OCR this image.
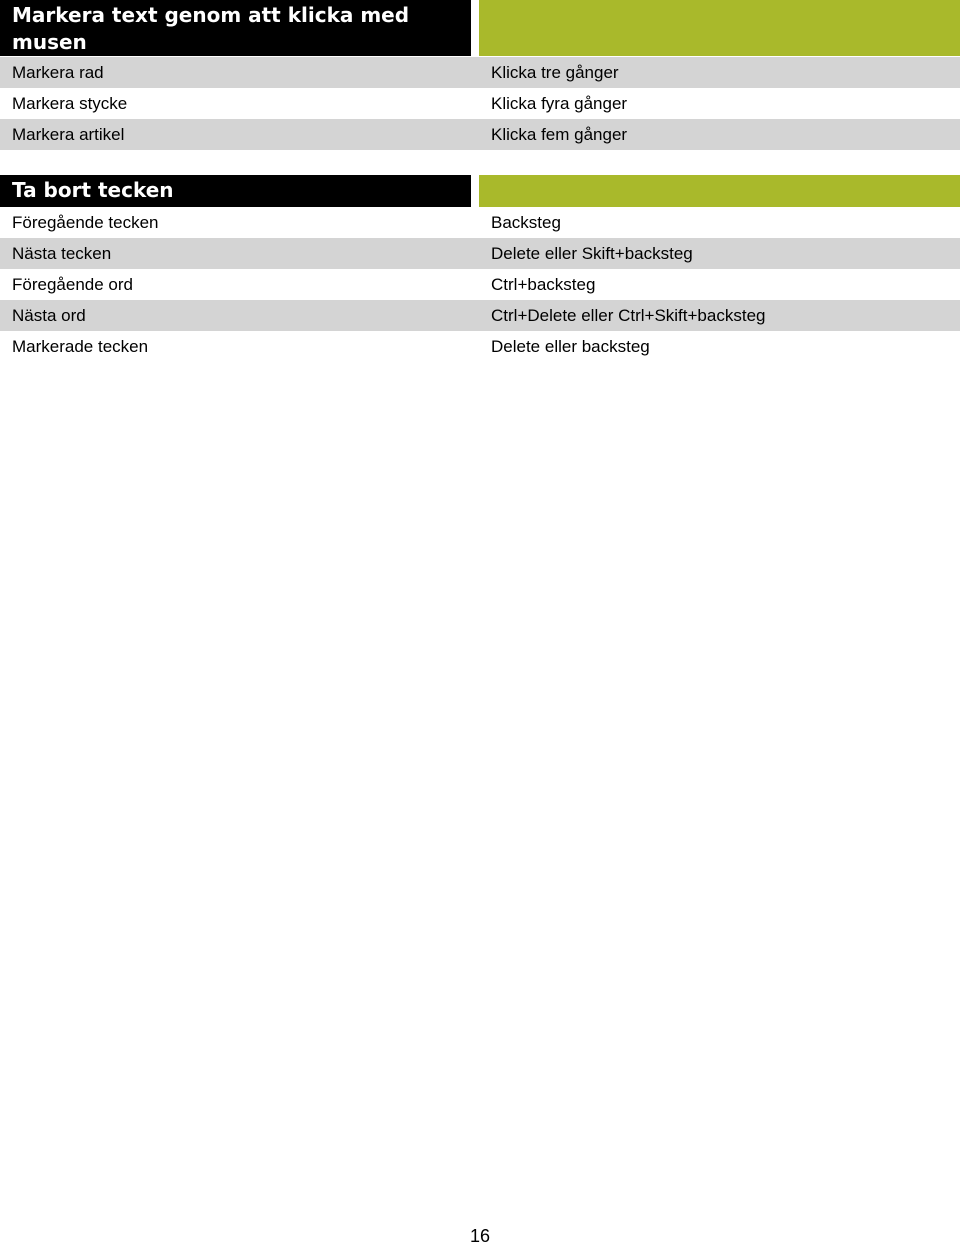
Markera text genom att klicka med musen
Markera rad	Klicka tre gånger
Markera stycke	Klicka fyra gånger
Markera artikel	Klicka fem gånger
Ta bort tecken
Föregående tecken	Backsteg
Nästa tecken	Delete eller Skift+backsteg
Föregående ord	Ctrl+backsteg
Nästa ord	Ctrl+Delete eller Ctrl+Skift+backsteg
Markerade tecken	Delete eller backsteg
16
